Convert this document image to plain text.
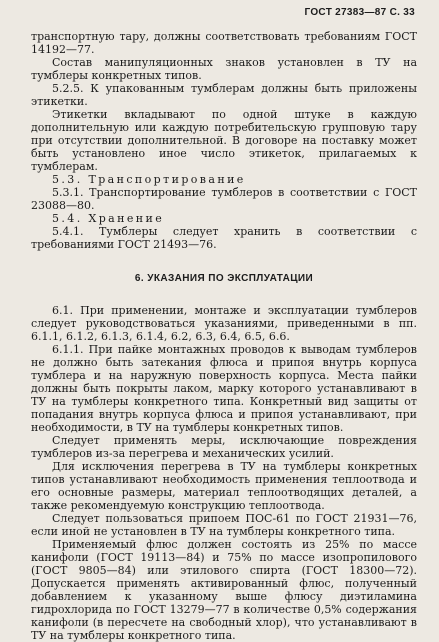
ГОСТ 27383—87 С. 33

транспортную тару, должны соответствовать требованиям ГОСТ 14192—77.

Состав манипуляционных знаков установлен в ТУ на тумблеры конкретных типов.

5.2.5. К упакованным тумблерам должны быть приложены этикетки.

Этикетки вкладывают по одной штуке в каждую дополнительную или каждую потребительскую групповую тару при отсутствии дополнительной. В договоре на поставку может быть установлено иное число этикеток, прилагаемых к тумблерам.

5.3. Транспортирование

5.3.1. Транспортирование тумблеров в соответствии с ГОСТ 23088—80.

5.4. Хранение

5.4.1. Тумблеры следует хранить в соответствии с требованиями ГОСТ 21493—76.

6. УКАЗАНИЯ ПО ЭКСПЛУАТАЦИИ

6.1. При применении, монтаже и эксплуатации тумблеров следует руководствоваться указаниями, приведенными в пп. 6.1.1, 6.1.2, 6.1.3, 6.1.4, 6.2, 6.3, 6.4, 6.5, 6.6.

6.1.1. При пайке монтажных проводов к выводам тумблеров не должно быть затекания флюса и припоя внутрь корпуса тумблера и на наружную поверхность корпуса. Места пайки должны быть покрыты лаком, марку которого устанавливают в ТУ на тумблеры конкретного типа. Конкретный вид защиты от попадания внутрь корпуса флюса и припоя устанавливают, при необходимости, в ТУ на тумблеры конкретных типов.

Следует применять меры, исключающие повреждения тумблеров из-за перегрева и механических усилий.

Для исключения перегрева в ТУ на тумблеры конкретных типов устанавливают необходимость применения теплоотвода и его основные размеры, материал теплоотводящих деталей, а также рекомендуемую конструкцию теплоотвода.

Следует пользоваться припоем ПОС-61 по ГОСТ 21931—76, если иной не установлен в ТУ на тумблеры конкретного типа.

Применяемый флюс должен состоять из 25% по массе канифоли (ГОСТ 19113—84) и 75% по массе изопропилового (ГОСТ 9805—84) или этилового спирта (ГОСТ 18300—72). Допускается применять активированный флюс, полученный добавлением к указанному выше флюсу диэтиламина гидрохлорида по ГОСТ 13279—77 в количестве 0,5% содержания канифоли (в пересчете на свободный хлор), что устанавливают в ТУ на тумблеры конкретного типа.
